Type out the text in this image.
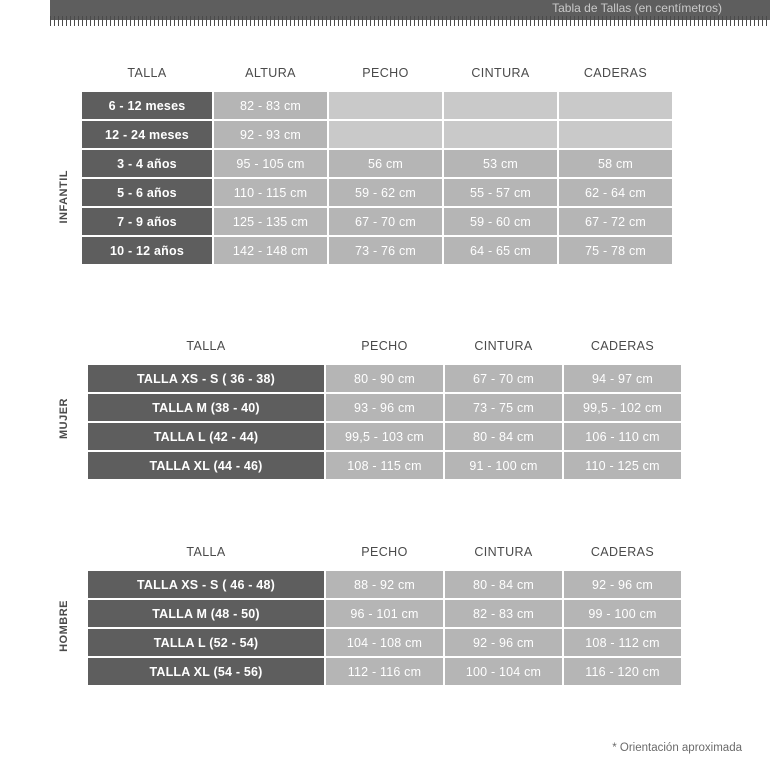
Tabla de Tallas (en centímetros)
INFANTIL
TALLA	ALTURA	PECHO	CINTURA	CADERAS
6 - 12 meses	82 - 83 cm			
12 - 24 meses	92 - 93 cm			
3 - 4 años	95 - 105 cm	56 cm	53 cm	58 cm
5 - 6 años	110 - 115 cm	59 - 62 cm	55 - 57 cm	62 - 64 cm
7 - 9 años	125 - 135 cm	67 - 70 cm	59 - 60 cm	67 - 72 cm
10 - 12 años	142 - 148 cm	73 - 76 cm	64 - 65 cm	75 - 78 cm
MUJER
TALLA	PECHO	CINTURA	CADERAS
TALLA XS - S ( 36 - 38)	80 - 90 cm	67 - 70 cm	94 - 97 cm
TALLA M (38 - 40)	93 - 96 cm	73 - 75 cm	99,5 - 102 cm
TALLA L (42 - 44)	99,5 - 103 cm	80 - 84 cm	106 - 110 cm
TALLA XL (44 - 46)	108 - 115 cm	91 - 100 cm	110 - 125 cm
HOMBRE
TALLA	PECHO	CINTURA	CADERAS
TALLA XS - S ( 46 - 48)	88 - 92 cm	80 - 84 cm	92 - 96 cm
TALLA M (48 - 50)	96 - 101 cm	82 - 83 cm	99 - 100 cm
TALLA L (52 - 54)	104 - 108 cm	92 - 96 cm	108 - 112 cm
TALLA XL (54 - 56)	112 - 116 cm	100 - 104 cm	116 - 120 cm
* Orientación aproximada
